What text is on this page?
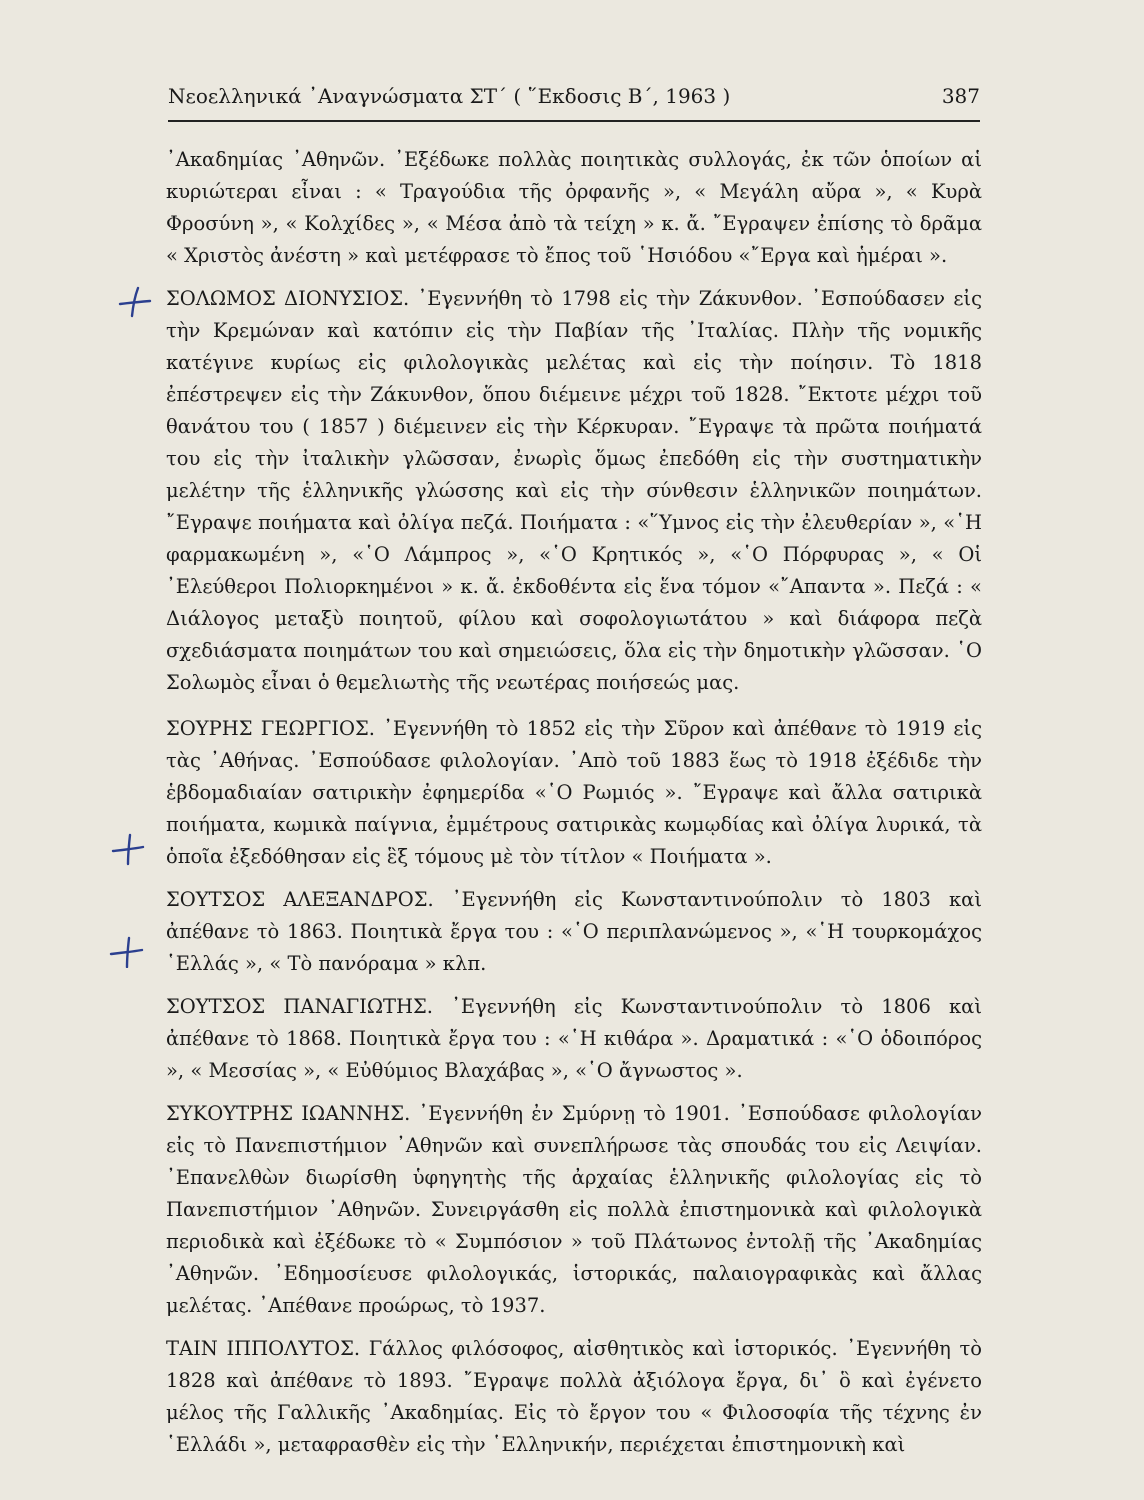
Νεοελληνικά ᾿Αναγνώσματα ΣΤ΄ ( ῞Εκδοσις Β΄, 1963 )	387

᾿Ακαδημίας ᾿Αθηνῶν. ᾿Εξέδωκε πολλὰς ποιητικὰς συλλογάς, ἐκ τῶν ὁποίων αἱ κυριώτεραι εἶναι : « Τραγούδια τῆς ὀρφανῆς », « Μεγάλη αὔρα », « Κυρὰ Φροσύνη », « Κολχίδες », « Μέσα ἀπὸ τὰ τείχη » κ. ἄ. ῎Εγραψεν ἐπίσης τὸ δρᾶμα « Χριστὸς ἀνέστη » καὶ μετέφρασε τὸ ἔπος τοῦ ῾Ησιόδου «῎Εργα καὶ ἡμέραι ».

ΣΟΛΩΜΟΣ ΔΙΟΝΥΣΙΟΣ. ᾿Εγεννήθη τὸ 1798 εἰς τὴν Ζάκυνθον. ᾿Εσπούδασεν εἰς τὴν Κρεμώναν καὶ κατόπιν εἰς τὴν Παβίαν τῆς ᾿Ιταλίας. Πλὴν τῆς νομικῆς κατέγινε κυρίως εἰς φιλολογικὰς μελέτας καὶ εἰς τὴν ποίησιν. Τὸ 1818 ἐπέστρεψεν εἰς τὴν Ζάκυνθον, ὅπου διέμεινε μέχρι τοῦ 1828. ῎Εκτοτε μέχρι τοῦ θανάτου του ( 1857 ) διέμεινεν εἰς τὴν Κέρκυραν. ῎Εγραψε τὰ πρῶτα ποιήματά του εἰς τὴν ἰταλικὴν γλῶσσαν, ἐνωρὶς ὅμως ἐπεδόθη εἰς τὴν συστηματικὴν μελέτην τῆς ἑλληνικῆς γλώσσης καὶ εἰς τὴν σύνθεσιν ἑλληνικῶν ποιημάτων. ῎Εγραψε ποιήματα καὶ ὀλίγα πεζά. Ποιήματα : «῞Υμνος εἰς τὴν ἐλευθερίαν », «῾Η φαρμακωμένη », «῾Ο Λάμπρος », «῾Ο Κρητικός », «῾Ο Πόρφυρας », « Οἱ ᾿Ελεύθεροι Πολιορκημένοι » κ. ἄ. ἐκδοθέντα εἰς ἕνα τόμον «῎Απαντα ». Πεζά : « Διάλογος μεταξὺ ποιητοῦ, φίλου καὶ σοφολογιωτάτου » καὶ διάφορα πεζὰ σχεδιάσματα ποιημάτων του καὶ σημειώσεις, ὅλα εἰς τὴν δημοτικὴν γλῶσσαν. ῾Ο Σολωμὸς εἶναι ὁ θεμελιωτὴς τῆς νεωτέρας ποιήσεώς μας.

ΣΟΥΡΗΣ ΓΕΩΡΓΙΟΣ. ᾿Εγεννήθη τὸ 1852 εἰς τὴν Σῦρον καὶ ἀπέθανε τὸ 1919 εἰς τὰς ᾿Αθήνας. ᾿Εσπούδασε φιλολογίαν. ᾿Απὸ τοῦ 1883 ἕως τὸ 1918 ἐξέδιδε τὴν ἑβδομαδιαίαν σατιρικὴν ἐφημερίδα «῾Ο Ρωμιός ». ῎Εγραψε καὶ ἄλλα σατιρικὰ ποιήματα, κωμικὰ παίγνια, ἐμμέτρους σατιρικὰς κωμῳδίας καὶ ὀλίγα λυρικά, τὰ ὁποῖα ἐξεδόθησαν εἰς ἓξ τόμους μὲ τὸν τίτλον « Ποιήματα ».

ΣΟΥΤΣΟΣ ΑΛΕΞΑΝΔΡΟΣ. ᾿Εγεννήθη εἰς Κωνσταντινούπολιν τὸ 1803 καὶ ἀπέθανε τὸ 1863. Ποιητικὰ ἔργα του : «῾Ο περιπλανώμενος », «῾Η τουρκομάχος ῾Ελλάς », « Τὸ πανόραμα » κλπ.

ΣΟΥΤΣΟΣ ΠΑΝΑΓΙΩΤΗΣ. ᾿Εγεννήθη εἰς Κωνσταντινούπολιν τὸ 1806 καὶ ἀπέθανε τὸ 1868. Ποιητικὰ ἔργα του : «῾Η κιθάρα ». Δραματικά : «῾Ο ὁδοιπόρος », « Μεσσίας », « Εὐθύμιος Βλαχάβας », «῾Ο ἄγνωστος ».

ΣΥΚΟΥΤΡΗΣ ΙΩΑΝΝΗΣ. ᾿Εγεννήθη ἐν Σμύρνῃ τὸ 1901. ᾿Εσπούδασε φιλολογίαν εἰς τὸ Πανεπιστήμιον ᾿Αθηνῶν καὶ συνεπλήρωσε τὰς σπουδάς του εἰς Λειψίαν. ᾿Επανελθὼν διωρίσθη ὑφηγητὴς τῆς ἀρχαίας ἑλληνικῆς φιλολογίας εἰς τὸ Πανεπιστήμιον ᾿Αθηνῶν. Συνειργάσθη εἰς πολλὰ ἐπιστημονικὰ καὶ φιλολογικὰ περιοδικὰ καὶ ἐξέδωκε τὸ « Συμπόσιον » τοῦ Πλάτωνος ἐντολῇ τῆς ᾿Ακαδημίας ᾿Αθηνῶν. ᾿Εδημοσίευσε φιλολογικάς, ἱστορικάς, παλαιογραφικὰς καὶ ἄλλας μελέτας. ᾿Απέθανε προώρως, τὸ 1937.

ΤΑΙΝ ΙΠΠΟΛΥΤΟΣ. Γάλλος φιλόσοφος, αἰσθητικὸς καὶ ἱστορικός. ᾿Εγεννήθη τὸ 1828 καὶ ἀπέθανε τὸ 1893. ῎Εγραψε πολλὰ ἀξιόλογα ἔργα, δι᾿ ὃ καὶ ἐγένετο μέλος τῆς Γαλλικῆς ᾿Ακαδημίας. Εἰς τὸ ἔργον του « Φιλοσοφία τῆς τέχνης ἐν ῾Ελλάδι », μεταφρασθὲν εἰς τὴν ῾Ελληνικήν, περιέχεται ἐπιστημονικὴ καὶ
